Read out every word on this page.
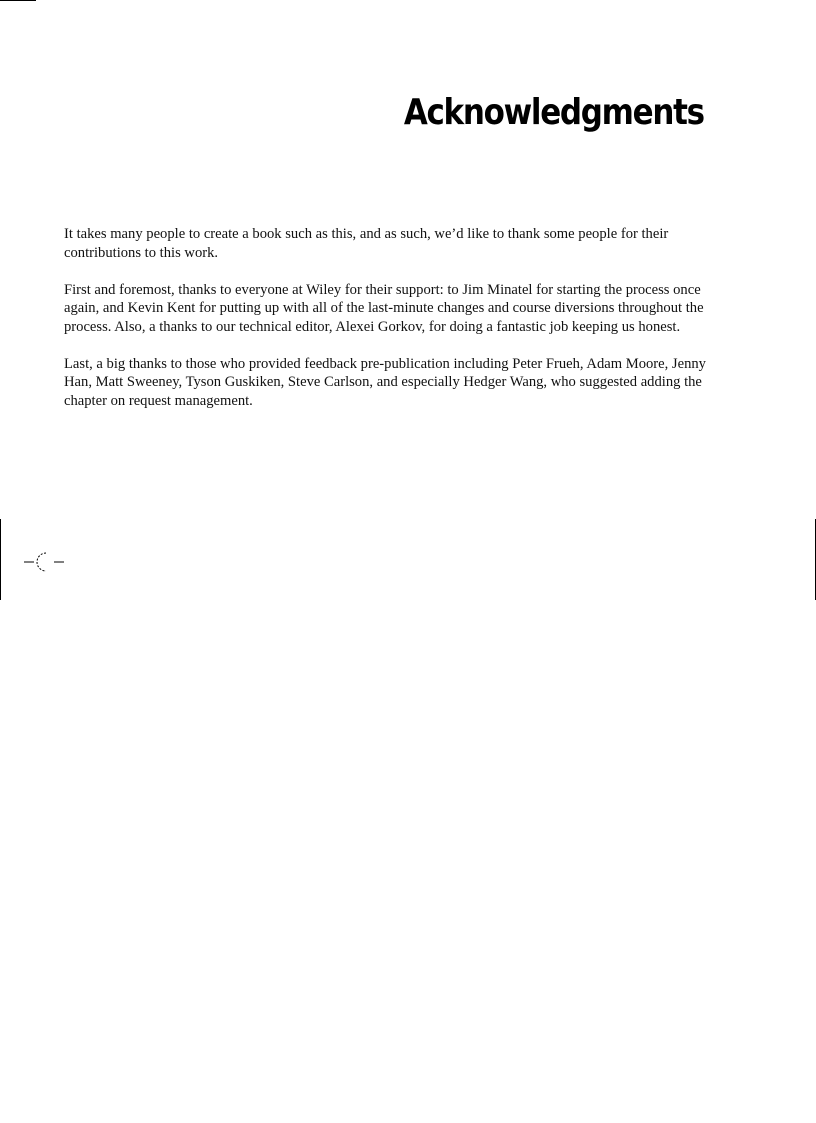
Acknowledgments

It takes many people to create a book such as this, and as such, we’d like to thank some people for their contributions to this work.

First and foremost, thanks to everyone at Wiley for their support: to Jim Minatel for starting the process once again, and Kevin Kent for putting up with all of the last-minute changes and course diversions throughout the process. Also, a thanks to our technical editor, Alexei Gorkov, for doing a fantastic job keeping us honest.

Last, a big thanks to those who provided feedback pre-publication including Peter Frueh, Adam Moore, Jenny Han, Matt Sweeney, Tyson Guskiken, Steve Carlson, and especially Hedger Wang, who suggested adding the chapter on request management.
